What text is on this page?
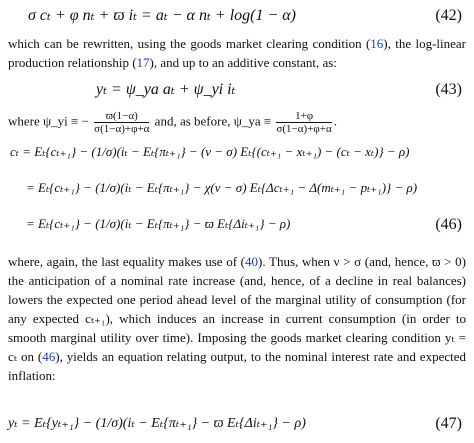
σ cₜ + φ nₜ + ϖ iₜ = aₜ − α nₜ + log(1 − α)	(42)
which can be rewritten, using the goods market clearing condition (16), the log-linear production relationship (17), and up to an additive constant, as:
yₜ = ψ_ya aₜ + ψ_yi iₜ	(43)
where ψ_yi ≡ − $\frac{ϖ(1-\alpha)}{\sigma(1-\alpha)+\varphi+\alpha}$ and, as before, ψ_ya ≡ $\frac{1+\varphi}{\sigma(1-\alpha)+\varphi+\alpha}$ .
cₜ = Eₜ{cₜ₊₁} − (1/σ)(iₜ − Eₜ{πₜ₊₁} − (ν − σ) Eₜ{(cₜ₊₁ − xₜ₊₁) − (cₜ − xₜ)} − ρ)
= Eₜ{cₜ₊₁} − (1/σ)(iₜ − Eₜ{πₜ₊₁} − χ(ν − σ) Eₜ{Δcₜ₊₁ − Δ(mₜ₊₁ − pₜ₊₁)} − ρ)
= Eₜ{cₜ₊₁} − (1/σ)(iₜ − Eₜ{πₜ₊₁} − ϖ Eₜ{Δiₜ₊₁} − ρ)	(46)
where, again, the last equality makes use of (40). Thus, when ν > σ (and, hence, ϖ > 0) the anticipation of a nominal rate increase (and, hence, of a decline in real balances) lowers the expected one period ahead level of the marginal utility of consumption (for any expected cₜ₊₁), which induces an increase in current consumption (in order to smooth marginal utility over time). Imposing the goods market clearing condition yₜ = cₜ on (46), yields an equation relating output, to the nominal interest rate and expected inflation:
yₜ = Eₜ{yₜ₊₁} − (1/σ)(iₜ − Eₜ{πₜ₊₁} − ϖ Eₜ{Δiₜ₊₁} − ρ)	(47)
